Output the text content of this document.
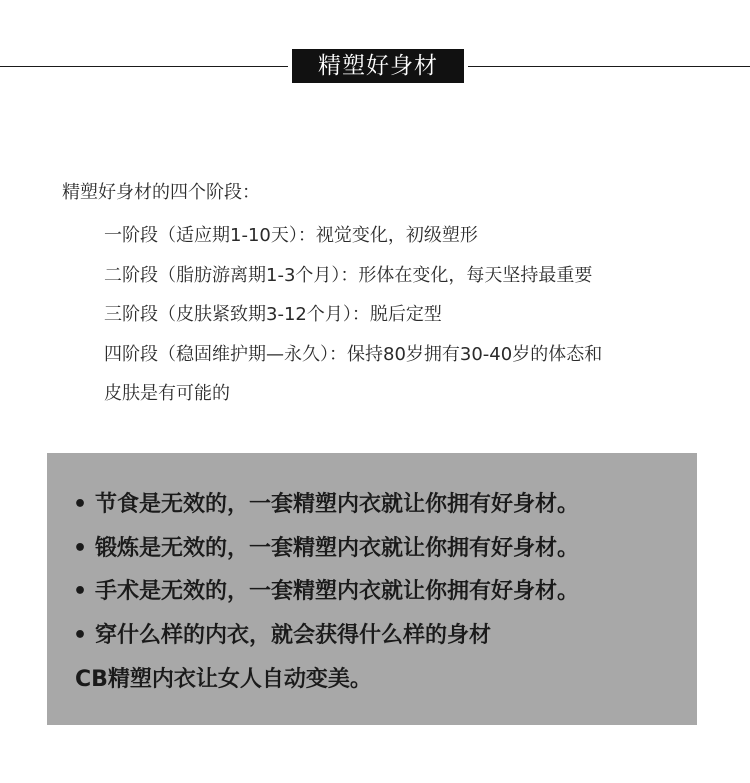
精塑好身材
精塑好身材的四个阶段：
一阶段（适应期1-10天）：视觉变化，初级塑形
二阶段（脂肪游离期1-3个月）：形体在变化，每天坚持最重要
三阶段（皮肤紧致期3-12个月）：脱后定型
四阶段（稳固维护期—永久）：保持80岁拥有30-40岁的体态和
皮肤是有可能的
• 节食是无效的，一套精塑内衣就让你拥有好身材。
• 锻炼是无效的，一套精塑内衣就让你拥有好身材。
• 手术是无效的，一套精塑内衣就让你拥有好身材。
• 穿什么样的内衣，就会获得什么样的身材
CB精塑内衣让女人自动变美。
